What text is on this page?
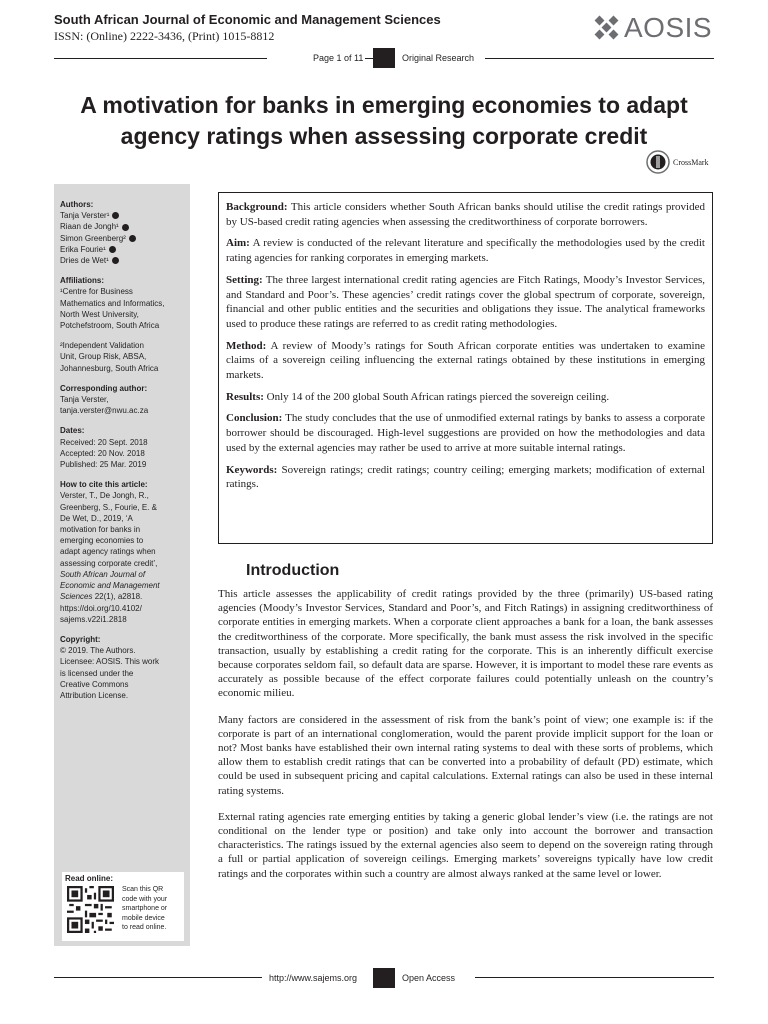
South African Journal of Economic and Management Sciences
ISSN: (Online) 2222-3436, (Print) 1015-8812	AOSIS
Page 1 of 11	Original Research
A motivation for banks in emerging economies to adapt
agency ratings when assessing corporate credit
CrossMark
Authors:
Tanja Verster¹
Riaan de Jongh¹
Simon Greenberg²
Erika Fourie¹
Dries de Wet¹
Affiliations:
¹Centre for Business
Mathematics and Informatics,
North West University,
Potchefstroom, South Africa
²Independent Validation
Unit, Group Risk, ABSA,
Johannesburg, South Africa
Corresponding author:
Tanja Verster,
tanja.verster@nwu.ac.za
Dates:
Received: 20 Sept. 2018
Accepted: 20 Nov. 2018
Published: 25 Mar. 2019
How to cite this article:
Verster, T., De Jongh, R.,
Greenberg, S., Fourie, E. &
De Wet, D., 2019, ‘A
motivation for banks in
emerging economies to
adapt agency ratings when
assessing corporate credit’,
South African Journal of
Economic and Management
Sciences 22(1), a2818.
https://doi.org/10.4102/
sajems.v22i1.2818
Copyright:
© 2019. The Authors.
Licensee: AOSIS. This work
is licensed under the
Creative Commons
Attribution License.
Read online:
Scan this QR
code with your
smartphone or
mobile device
to read online.

Background: This article considers whether South African banks should utilise the credit ratings provided by US-based credit rating agencies when assessing the creditworthiness of corporate borrowers.

Aim: A review is conducted of the relevant literature and specifically the methodologies used by the credit rating agencies for ranking corporates in emerging markets.

Setting: The three largest international credit rating agencies are Fitch Ratings, Moody’s Investor Services, and Standard and Poor’s. These agencies’ credit ratings cover the global spectrum of corporate, sovereign, financial and other public entities and the securities and obligations they issue. The analytical frameworks used to produce these ratings are referred to as credit rating methodologies.

Method: A review of Moody’s ratings for South African corporate entities was undertaken to examine claims of a sovereign ceiling influencing the external ratings obtained by these institutions in emerging markets.

Results: Only 14 of the 200 global South African ratings pierced the sovereign ceiling.

Conclusion: The study concludes that the use of unmodified external ratings by banks to assess a corporate borrower should be discouraged. High-level suggestions are provided on how the methodologies and data used by the external agencies may rather be used to arrive at more suitable internal ratings.

Keywords: Sovereign ratings; credit ratings; country ceiling; emerging markets; modification of external ratings.

Introduction

This article assesses the applicability of credit ratings provided by the three (primarily) US-based rating agencies (Moody’s Investor Services, Standard and Poor’s, and Fitch Ratings) in assigning creditworthiness of corporate entities in emerging markets. When a corporate client approaches a bank for a loan, the bank assesses the creditworthiness of the corporate. More specifically, the bank must assess the risk involved in the specific transaction, usually by establishing a credit rating for the corporate. This is an inherently difficult exercise because corporates seldom fail, so default data are sparse. However, it is important to model these rare events as accurately as possible because of the effect corporate failures could potentially unleash on the country’s economic milieu.

Many factors are considered in the assessment of risk from the bank’s point of view; one example is: if the corporate is part of an international conglomeration, would the parent provide implicit support for the loan or not? Most banks have established their own internal rating systems to deal with these sorts of problems, which allow them to establish credit ratings that can be converted into a probability of default (PD) estimate, which could be used in subsequent pricing and capital calculations. External ratings can also be used in these internal rating systems.

External rating agencies rate emerging entities by taking a generic global lender’s view (i.e. the ratings are not conditional on the lender type or position) and take only into account the borrower and transaction characteristics. The ratings issued by the external agencies also seem to depend on the sovereign rating through a full or partial application of sovereign ceilings. Emerging markets’ sovereigns typically have low credit ratings and the corporates within such a country are almost always ranked at the same level or lower.

http://www.sajems.org	Open Access
